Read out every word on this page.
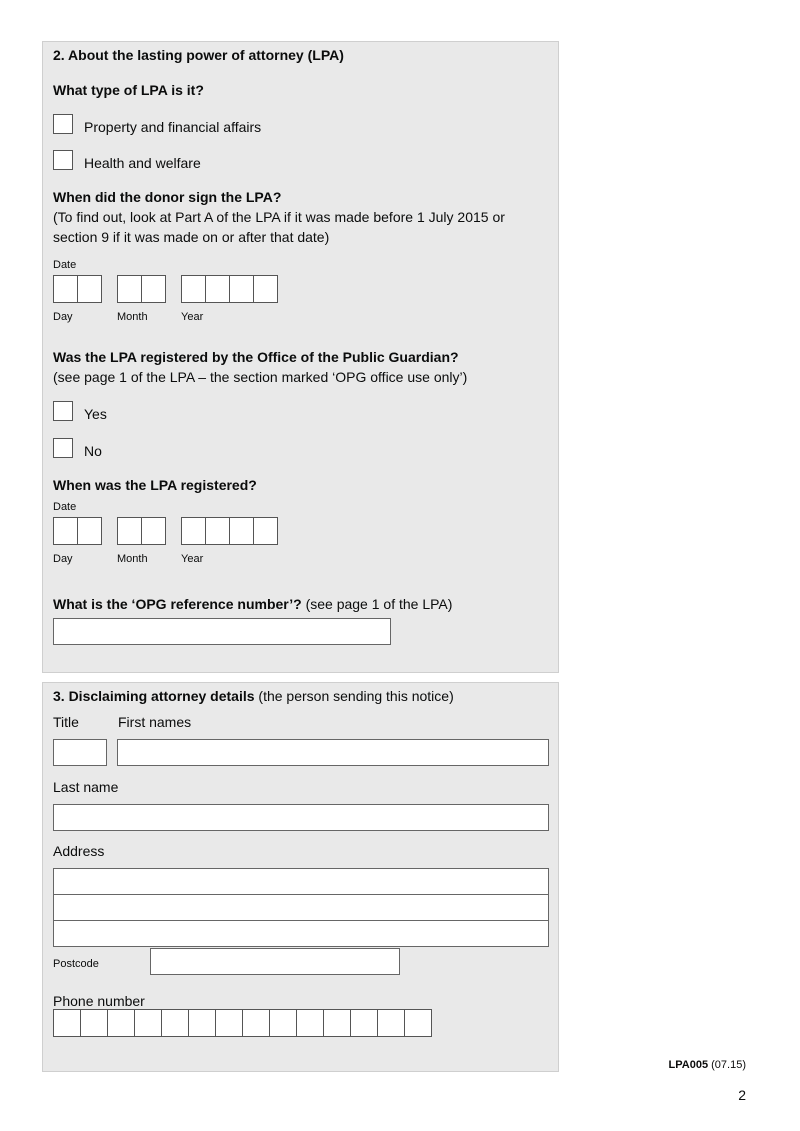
2. About the lasting power of attorney (LPA)
What type of LPA is it?
Property and financial affairs
Health and welfare
When did the donor sign the LPA?
(To find out, look at Part A of the LPA if it was made before 1 July 2015 or
section 9 if it was made on or after that date)
Date
Day	Month	Year
Was the LPA registered by the Office of the Public Guardian?
(see page 1 of the LPA – the section marked ‘OPG office use only’)
Yes
No
When was the LPA registered?
Date
Day	Month	Year
What is the ‘OPG reference number’? (see page 1 of the LPA)
3. Disclaiming attorney details (the person sending this notice)
Title	First names
Last name
Address
Postcode
Phone number
LPA005 (07.15)
2
